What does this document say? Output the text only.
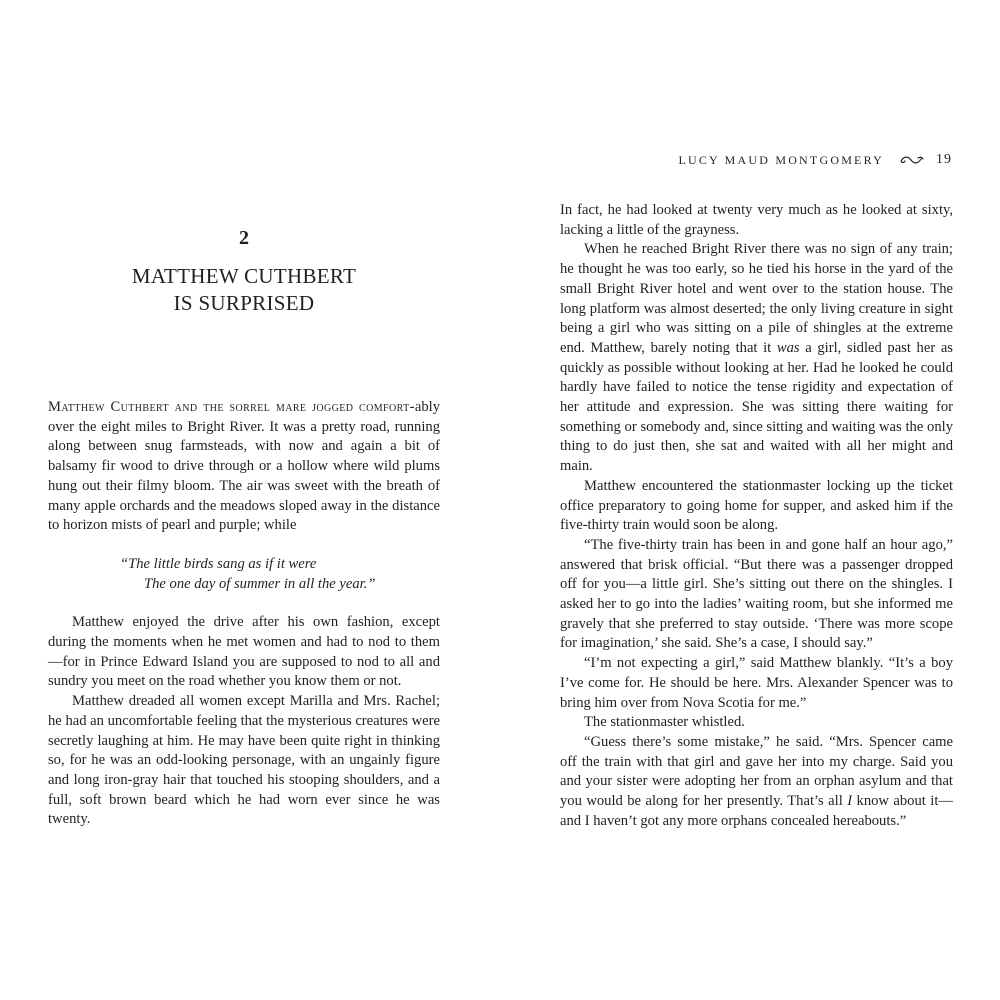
2
MATTHEW CUTHBERT
IS SURPRISED

Matthew Cuthbert and the sorrel mare jogged comfort-ably over the eight miles to Bright River. It was a pretty road, running along between snug farmsteads, with now and again a bit of balsamy fir wood to drive through or a hollow where wild plums hung out their filmy bloom. The air was sweet with the breath of many apple orchards and the meadows sloped away in the distance to horizon mists of pearl and purple; while

“The little birds sang as if it were
The one day of summer in all the year.”

Matthew enjoyed the drive after his own fashion, except during the moments when he met women and had to nod to them—for in Prince Edward Island you are supposed to nod to all and sundry you meet on the road whether you know them or not.

Matthew dreaded all women except Marilla and Mrs. Rachel; he had an uncomfortable feeling that the mysterious creatures were secretly laughing at him. He may have been quite right in thinking so, for he was an odd-looking personage, with an ungainly figure and long iron-gray hair that touched his stooping shoulders, and a full, soft brown beard which he had worn ever since he was twenty.

LUCY MAUD MONTGOMERY	19

In fact, he had looked at twenty very much as he looked at sixty, lacking a little of the grayness.

When he reached Bright River there was no sign of any train; he thought he was too early, so he tied his horse in the yard of the small Bright River hotel and went over to the station house. The long platform was almost deserted; the only living creature in sight being a girl who was sitting on a pile of shingles at the extreme end. Matthew, barely noting that it was a girl, sidled past her as quickly as possible without looking at her. Had he looked he could hardly have failed to notice the tense rigidity and expectation of her attitude and expression. She was sitting there waiting for something or somebody and, since sitting and waiting was the only thing to do just then, she sat and waited with all her might and main.

Matthew encountered the stationmaster locking up the ticket office preparatory to going home for supper, and asked him if the five-thirty train would soon be along.

“The five-thirty train has been in and gone half an hour ago,” answered that brisk official. “But there was a passenger dropped off for you—a little girl. She’s sitting out there on the shingles. I asked her to go into the ladies’ waiting room, but she informed me gravely that she preferred to stay outside. ‘There was more scope for imagination,’ she said. She’s a case, I should say.”

“I’m not expecting a girl,” said Matthew blankly. “It’s a boy I’ve come for. He should be here. Mrs. Alexander Spencer was to bring him over from Nova Scotia for me.”

The stationmaster whistled.

“Guess there’s some mistake,” he said. “Mrs. Spencer came off the train with that girl and gave her into my charge. Said you and your sister were adopting her from an orphan asylum and that you would be along for her presently. That’s all I know about it—and I haven’t got any more orphans concealed hereabouts.”
